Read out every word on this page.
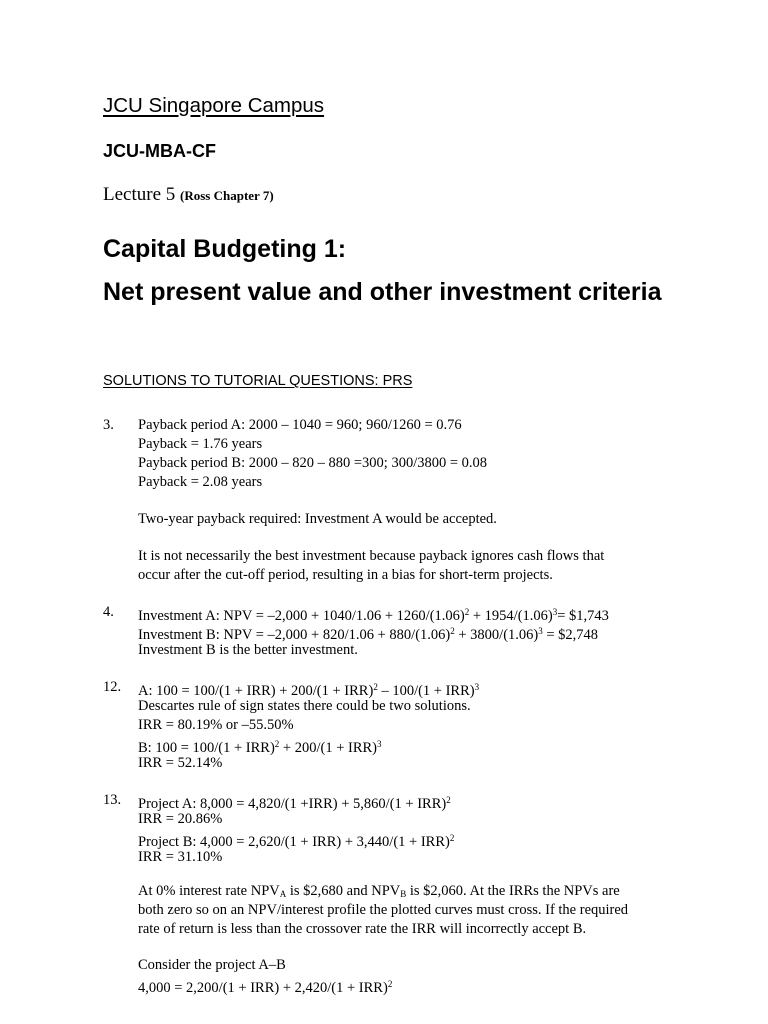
JCU Singapore Campus
JCU-MBA-CF
Lecture 5 (Ross Chapter 7)
Capital Budgeting 1:
Net present value and other investment criteria
SOLUTIONS TO TUTORIAL QUESTIONS: PRS
3. Payback period A: 2000 – 1040 = 960; 960/1260 = 0.76
Payback = 1.76 years
Payback period B: 2000 – 820 – 880 =300; 300/3800 = 0.08
Payback = 2.08 years
Two-year payback required: Investment A would be accepted.
It is not necessarily the best investment because payback ignores cash flows that
occur after the cut-off period, resulting in a bias for short-term projects.
4. Investment A: NPV = $-2,000 + 1040/1.06 + 1260/(1.06)^2 + 1954/(1.06)^3=$ $1,743
Investment B: NPV = $-2,000 + 820/1.06 + 880/(1.06)^2 + 3800/(1.06)^3$ = $2,748
Investment B is the better investment.
12. A: 100 = 100/(1 + IRR) + 200/(1 + IRR)$^2$ – 100/(1 + IRR)$^3$
Descartes rule of sign states there could be two solutions.
IRR = 80.19% or –55.50%
B: 100 = 100/(1 + IRR)$^2$ + 200/(1 + IRR)$^3$
IRR = 52.14%
13. Project A: 8,000 = 4,820/(1 +IRR) + 5,860/(1 + IRR)$^2$
IRR = 20.86%
Project B: 4,000 = 2,620/(1 + IRR) + 3,440/(1 + IRR)$^2$
IRR = 31.10%
At 0% interest rate $NPV_A$ is $2,680 and $NPV_B$ is $2,060. At the IRRs the NPVs are
both zero so on an NPV/interest profile the plotted curves must cross. If the required
rate of return is less than the crossover rate the IRR will incorrectly accept B.
Consider the project A–B
4,000 = 2,200/(1 + IRR) + 2,420/(1 + IRR)$^2$
